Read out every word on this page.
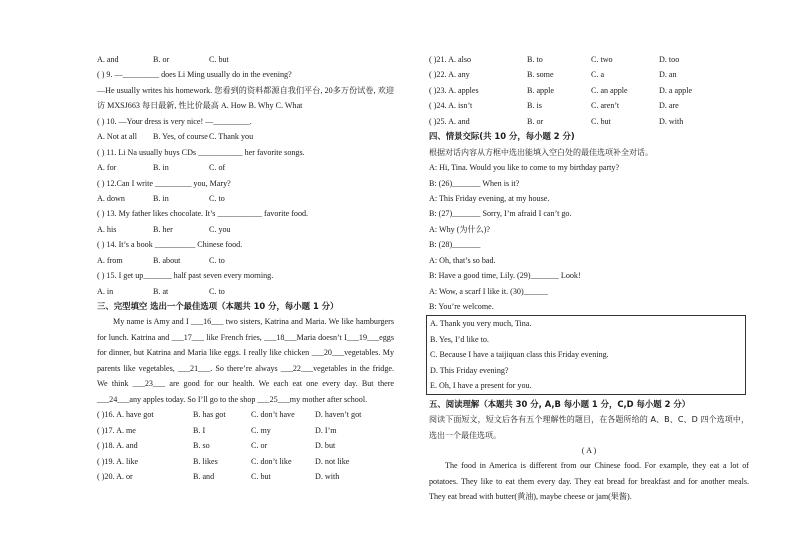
A. and	B. or	C. but
( ) 9. —_________ does Li Ming usually do in the evening?
—He usually writes his homework. 您看到的资料都源自我们平台, 20多万份试卷, 欢迎访 MXSJ663 每日最新, 性比价最高 A. How B. Why C. What
( ) 10. —Your dress is very nice! —_________.
A. Not at all	B. Yes, of course C. Thank you
( ) 11. Li Na usually buys CDs ___________ her favorite songs.
A. for	B. in	C. of
( ) 12.Can I write _________ you, Mary?
A. down	B. in	C. to
( ) 13. My father likes chocolate. It’s ___________ favorite food.
A. his	B. her	C. you
( ) 14. It’s a book __________ Chinese food.
A. from	B. about	C. to
( ) 15. I get up_______ half past seven every morning.
A. in	B. at	C. to
三、完型填空 选出一个最佳选项（本题共 10 分，每小题 1 分）
My name is Amy and I ___16___ two sisters, Katrina and Maria. We like hamburgers for lunch. Katrina and ___17___ like French fries, ___18___Maria doesn’t I___19___eggs for dinner, but Katrina and Maria like eggs. I really like chicken ___20___vegetables. My parents like vegetables, ___21___. So there’re always ___22___vegetables in the fridge. We think ___23___ are good for our health. We each eat one every day. But there ___24___any apples today. So I’ll go to the shop ___25___my mother after school.
( )16. A. have got	B. has got	C. don’t have	D. haven’t got
( )17. A. me	B. I	C. my	D. I’m
( )18. A. and	B. so	C. or	D. but
( )19. A. like	B. likes	C. don’t like	D. not like
( )20. A. or	B. and	C. but	D. with
( )21. A. also	B. to	C. two	D. too
( )22. A. any	B. some	C. a	D. an
( )23. A. apples	B. apple	C. an apple	D. a apple
( )24. A. isn’t	B. is	C. aren’t	D. are
( )25. A. and	B. or	C. but	D. with
四、情景交际(共 10 分，每小题 2 分)
根据对话内容从方框中选出能填入空白处的最佳选项补全对话。
A: Hi, Tina. Would you like to come to my birthday party?
B: (26)_______ When is it?
A: This Friday evening, at my house.
B: (27)_______ Sorry, I’m afraid I can’t go.
A: Why (为什么)?
B: (28)_______
A: Oh, that’s so bad.
B: Have a good time, Lily. (29)_______ Look!
A: Wow, a scarf I like it. (30)______
B: You’re welcome.
A. Thank you very much, Tina.
B. Yes, I’d like to.
C. Because I have a taijiquan class this Friday evening.
D. This Friday evening?
E. Oh, I have a present for you.
五、阅读理解（本题共 30 分, A,B 每小题 1 分，C,D 每小题 2 分）
阅读下面短文，短文后各有五个理解性的题目，在各题所给的 A、B、C、D 四个选项中，选出一个最佳选项。
( A )
The food in America is different from our Chinese food. For example, they eat a lot of potatoes. They like to eat them every day. They eat bread for breakfast and for another meals. They eat bread with butter(黄油), maybe cheese or jam(果酱).
